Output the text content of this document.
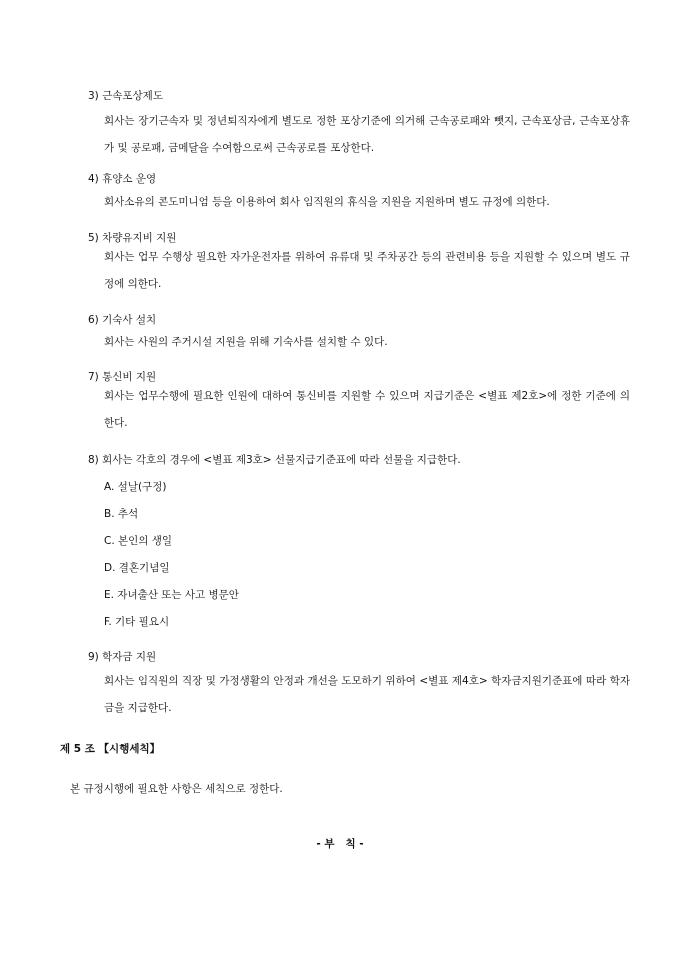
3) 근속포상제도
회사는 장기근속자 및 정년퇴직자에게 별도로 정한 포상기준에 의거해 근속공로패와 뺏지, 근속포상금, 근속포상휴가 및 공로패, 금메달을 수여함으로써 근속공로를 포상한다.
4) 휴양소 운영
회사소유의 콘도미니엄 등을 이용하여 회사 임직원의 휴식을 지원을 지원하며 별도 규정에 의한다.
5) 차량유지비 지원
회사는 업무 수행상 필요한 자가운전자를 위하여 유류대 및 주차공간 등의 관련비용 등을 지원할 수 있으며 별도 규정에 의한다.
6) 기숙사 설치
회사는 사원의 주거시설 지원을 위해 기숙사를 설치할 수 있다.
7) 통신비 지원
회사는 업무수행에 필요한 인원에 대하여 통신비를 지원할 수 있으며 지급기준은 <별표 제2호>에 정한 기준에 의한다.
8) 회사는 각호의 경우에 <별표 제3호> 선물지급기준표에 따라 선물을 지급한다.
A. 설날(구정)
B. 추석
C. 본인의 생일
D. 결혼기념일
E. 자녀출산 또는 사고 병문안
F. 기타 필요시
9) 학자금 지원
회사는 임직원의 직장 및 가정생활의 안정과 개선을 도모하기 위하여 <별표 제4호> 학자금지원기준표에 따라 학자금을 지급한다.
제 5 조 【시행세칙】
본 규정시행에 필요한 사항은 세칙으로 정한다.
- 부   칙 -
